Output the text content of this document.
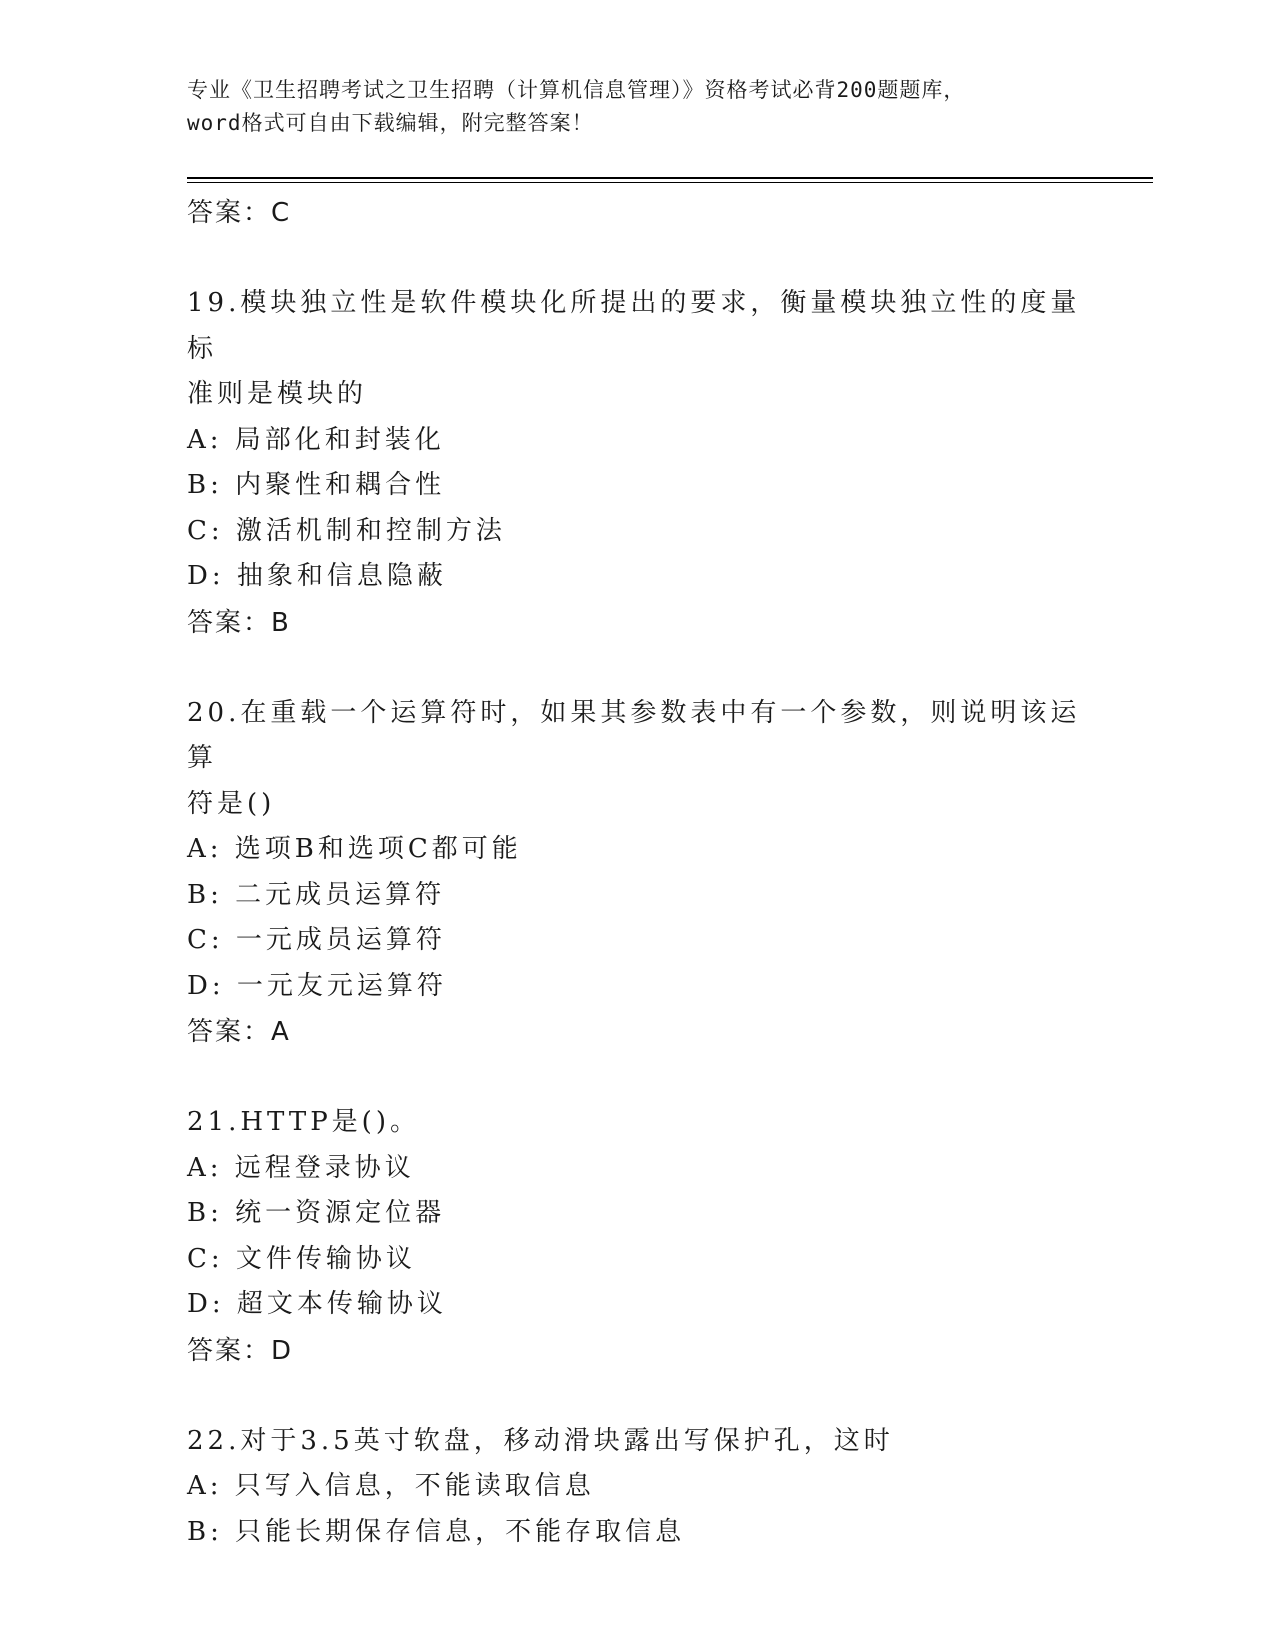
专业《卫生招聘考试之卫生招聘（计算机信息管理）》资格考试必背200题题库，
word格式可自由下载编辑，附完整答案！
答案：C
19.模块独立性是软件模块化所提出的要求，衡量模块独立性的度量标
准则是模块的
A: 局部化和封装化
B: 内聚性和耦合性
C: 激活机制和控制方法
D: 抽象和信息隐蔽
答案：B
20.在重载一个运算符时，如果其参数表中有一个参数，则说明该运算
符是()
A: 选项B和选项C都可能
B: 二元成员运算符
C: 一元成员运算符
D: 一元友元运算符
答案：A
21.HTTP是()。
A: 远程登录协议
B: 统一资源定位器
C: 文件传输协议
D: 超文本传输协议
答案：D
22.对于3.5英寸软盘，移动滑块露出写保护孔，这时
A: 只写入信息，不能读取信息
B: 只能长期保存信息，不能存取信息
